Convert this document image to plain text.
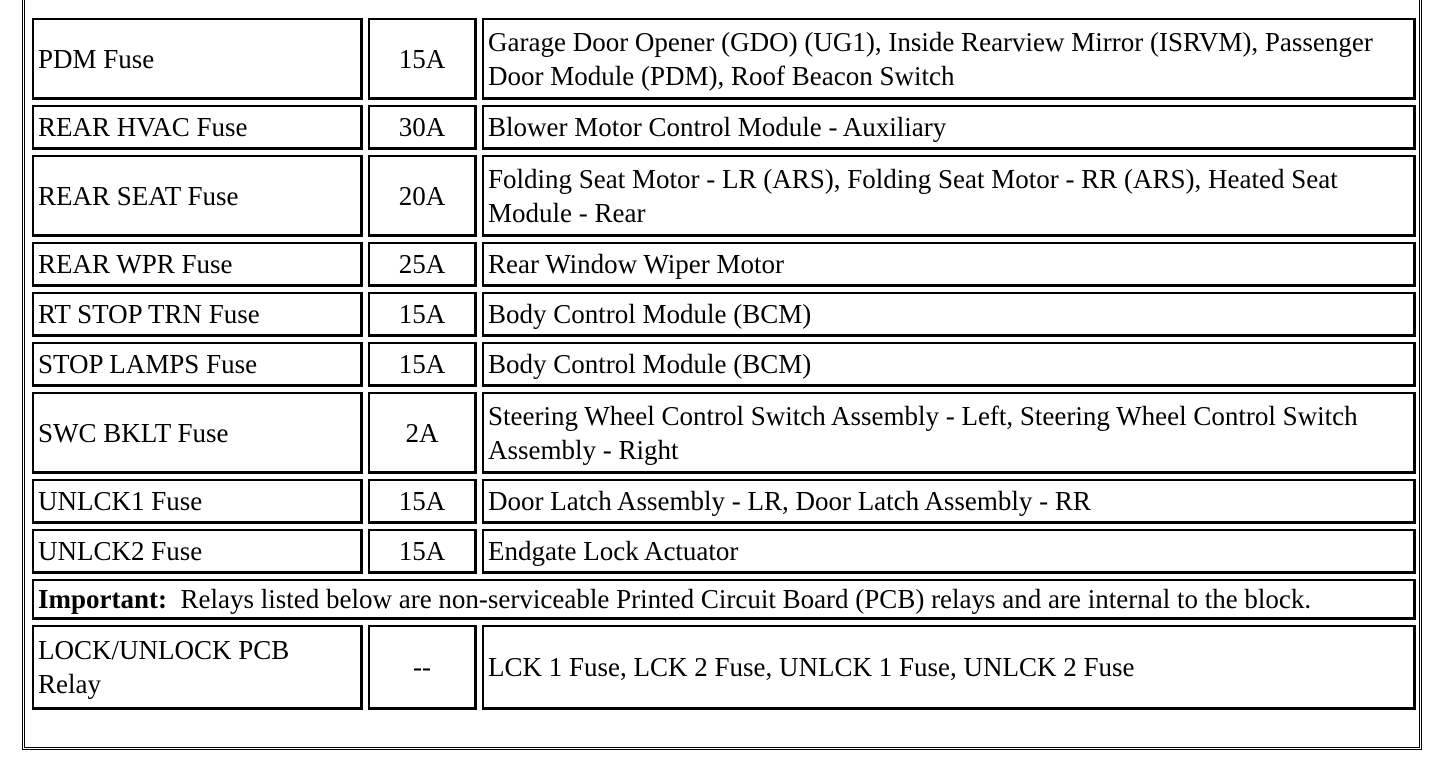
PDM Fuse	15A	Garage Door Opener (GDO) (UG1), Inside Rearview Mirror (ISRVM), Passenger Door Module (PDM), Roof Beacon Switch
REAR HVAC Fuse	30A	Blower Motor Control Module - Auxiliary
REAR SEAT Fuse	20A	Folding Seat Motor - LR (ARS), Folding Seat Motor - RR (ARS), Heated Seat Module - Rear
REAR WPR Fuse	25A	Rear Window Wiper Motor
RT STOP TRN Fuse	15A	Body Control Module (BCM)
STOP LAMPS Fuse	15A	Body Control Module (BCM)
SWC BKLT Fuse	2A	Steering Wheel Control Switch Assembly - Left, Steering Wheel Control Switch Assembly - Right
UNLCK1 Fuse	15A	Door Latch Assembly - LR, Door Latch Assembly - RR
UNLCK2 Fuse	15A	Endgate Lock Actuator
Important: Relays listed below are non-serviceable Printed Circuit Board (PCB) relays and are internal to the block.		
LOCK/UNLOCK PCB Relay	--	LCK 1 Fuse, LCK 2 Fuse, UNLCK 1 Fuse, UNLCK 2 Fuse
